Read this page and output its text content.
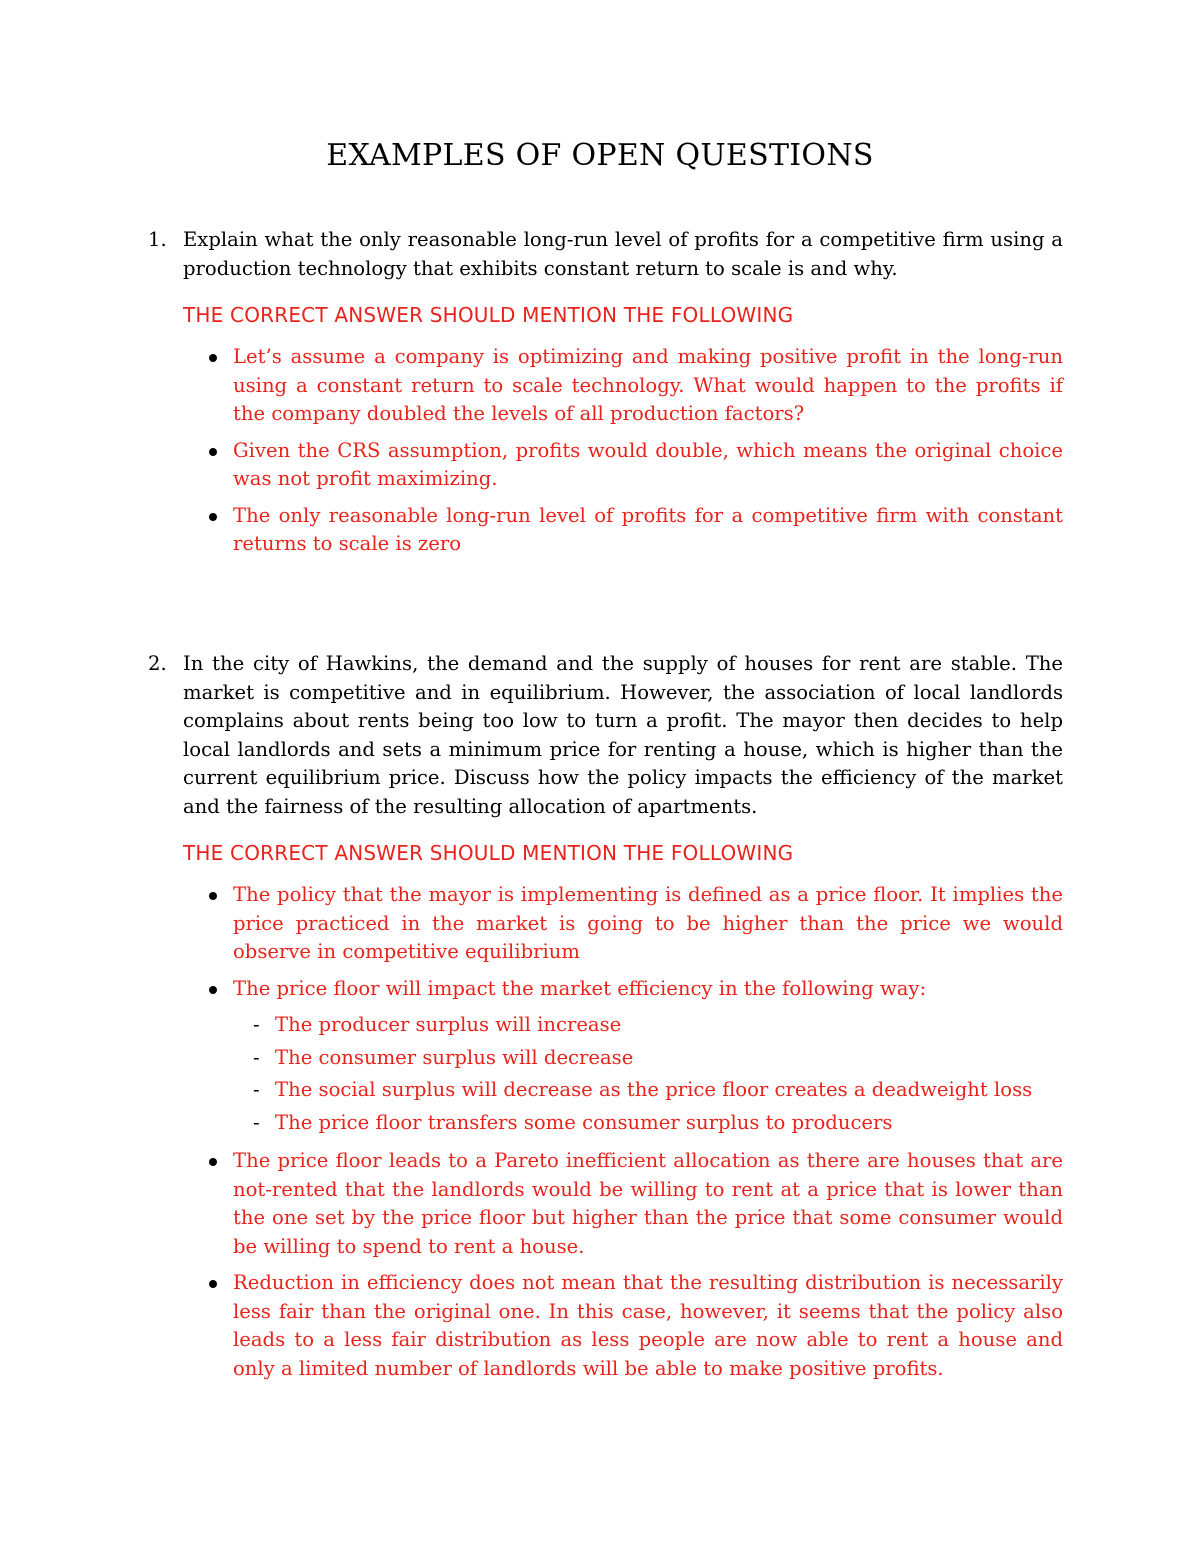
EXAMPLES OF OPEN QUESTIONS
1. Explain what the only reasonable long-run level of profits for a competitive firm using a production technology that exhibits constant return to scale is and why.

THE CORRECT ANSWER SHOULD MENTION THE FOLLOWING
Let’s assume a company is optimizing and making positive profit in the long-run using a constant return to scale technology. What would happen to the profits if the company doubled the levels of all production factors?
Given the CRS assumption, profits would double, which means the original choice was not profit maximizing.
The only reasonable long-run level of profits for a competitive firm with constant returns to scale is zero
2. In the city of Hawkins, the demand and the supply of houses for rent are stable. The market is competitive and in equilibrium. However, the association of local landlords complains about rents being too low to turn a profit. The mayor then decides to help local landlords and sets a minimum price for renting a house, which is higher than the current equilibrium price. Discuss how the policy impacts the efficiency of the market and the fairness of the resulting allocation of apartments.

THE CORRECT ANSWER SHOULD MENTION THE FOLLOWING
The policy that the mayor is implementing is defined as a price floor. It implies the price practiced in the market is going to be higher than the price we would observe in competitive equilibrium
The price floor will impact the market efficiency in the following way:
- The producer surplus will increase
- The consumer surplus will decrease
- The social surplus will decrease as the price floor creates a deadweight loss
- The price floor transfers some consumer surplus to producers
The price floor leads to a Pareto inefficient allocation as there are houses that are not-rented that the landlords would be willing to rent at a price that is lower than the one set by the price floor but higher than the price that some consumer would be willing to spend to rent a house.
Reduction in efficiency does not mean that the resulting distribution is necessarily less fair than the original one. In this case, however, it seems that the policy also leads to a less fair distribution as less people are now able to rent a house and only a limited number of landlords will be able to make positive profits.
